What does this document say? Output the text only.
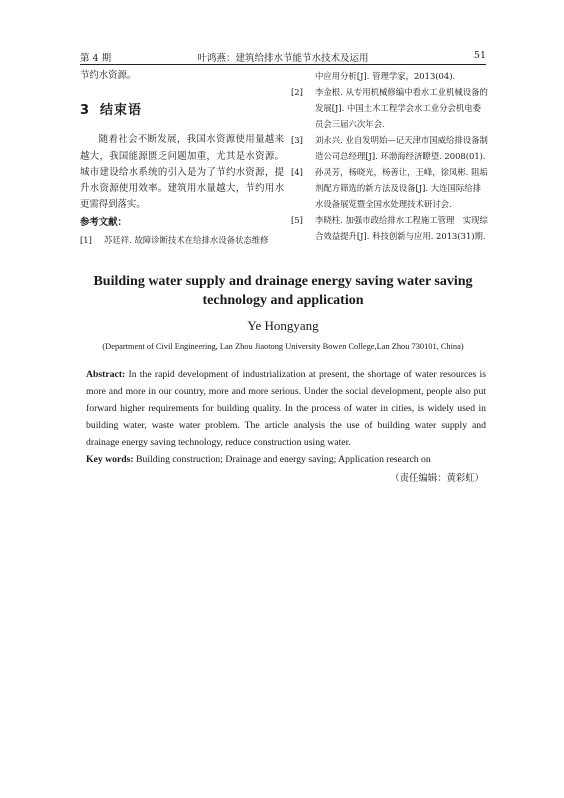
第 4 期	叶鸿燕：建筑给排水节能节水技术及运用	51

节约水资源。

3 结束语

随着社会不断发展，我国水资源使用量越来越大，我国能源匮乏问题加重，尤其是水资源。城市建设给水系统的引入是为了节约水资源，提升水资源使用效率。建筑用水量越大，节约用水更需得到落实。

参考文献：
[1]	苏廷祥. 故障诊断技术在给排水设备状态维修
中应用分析[J]. 管理学家，2013(04).
[2]	李金根. 从专用机械修编中看水工业机械设备的发展[J]. 中国土木工程学会水工业分会机电委员会三届六次年会.
[3]	刘永兴. 业自发明始—记天津市国威给排设备制造公司总经理[J]. 环渤海经济瞭望. 2008(01).
[4]	孙灵芳，杨晓光，杨善让，王峰，徐凤彬. 阻垢剂配方筛选的新方法及设备[J]. 大连国际给排水设备展览暨全国水处理技术研讨会.
[5]	李晓柱. 加强市政给排水工程施工管理　实现综合效益提升[J]. 科技创新与应用. 2013(31)期.
Building water supply and drainage energy saving water saving technology and application
Ye Hongyang
(Department of Civil Engineering, Lan Zhou Jiaotong University Bowen College,Lan Zhou 730101, China)
Abstract: In the rapid development of industrialization at present, the shortage of water resources is more and more in our country, more and more serious. Under the social development, people also put forward higher requirements for building quality. In the process of water in cities, is widely used in building water, waste water problem. The article analysis the use of building water supply and drainage energy saving technology, reduce construction using water.
Key words: Building construction; Drainage and energy saving; Application research on
（责任编辑：黄彩虹）
